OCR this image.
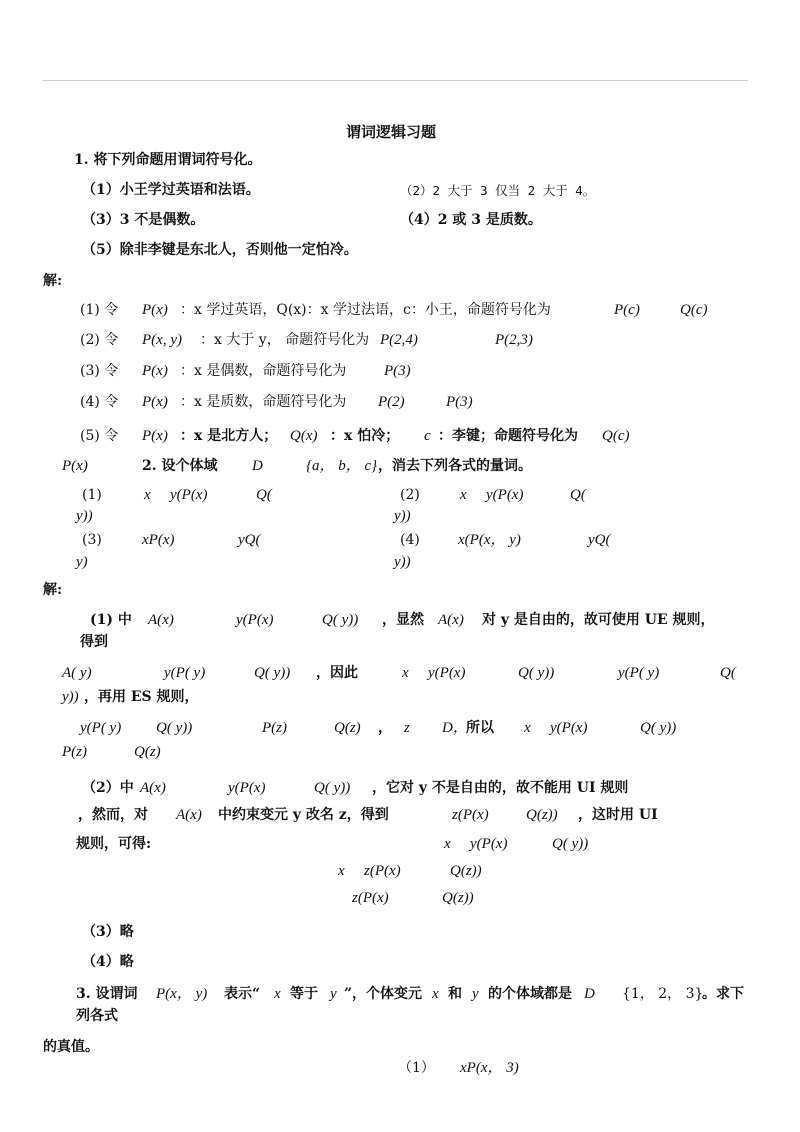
谓词逻辑习题
1. 将下列命题用谓词符号化。
（1）小王学过英语和法语。	（2）2 大于 3 仅当 2 大于 4。
（3）3 不是偶数。	（4）2 或 3 是质数。
（5）除非李键是东北人，否则他一定怕冷。
解:
(1) 令 P(x) ：x 学过英语，Q(x)：x 学过法语，c：小王，命题符号化为	P(c)	Q(c)
(2) 令 P(x, y) ：x 大于 y， 命题符号化为 P(2,4)	P(2,3)
(3) 令 P(x) ：x 是偶数，命题符号化为	P(3)
(4) 令 P(x) ：x 是质数，命题符号化为 P(2)	P(3)
(5) 令 P(x) ：x 是北方人； Q(x) ：x 怕冷； c ：李键；命题符号化为 Q(c)
P(x)	2. 设个体域 D	{a， b， c} ，消去下列各式的量词。
(1)	x y(P(x)	Q(
y))
(2)	x y(P(x)	Q(
y))
(3)	xP(x)	yQ(
y)
(4)	x(P(x， y)	yQ(
y))
解:
(1) 中 A(x)	y(P(x)	Q( y)) ，显然 A(x) 对 y 是自由的，故可使用 UE 规则，
得到
A( y)	y(P( y)	Q( y)) ，因此	x y(P(x)	Q( y))	y(P( y)	Q(
y)) ，再用 ES 规则，
y(P( y) Q( y))	P(z)	Q(z) ， z D，
所以 x y(P(x)	Q( y))
P(z)	Q(z)
（2）中 A(x)	y(P(x)	Q( y)) ，它对 y 不是自由的，故不能用 UI 规则
，然而，对 A(x) 中约束变元 y 改名 z，得到	z(P(x) Q(z)) ，这时用 UI
规则，可得:	x y(P(x)	Q( y))
x z(P(x)	Q(z))
z(P(x)	Q(z))
（3）略
（4）略
3. 设谓词 P(x， y) 表示“ x 等于 y ”，个体变元 x 和 y 的个体域都是 D {1， 2， 3}
。求下
列各式
的真值。
（1） xP(x， 3)
